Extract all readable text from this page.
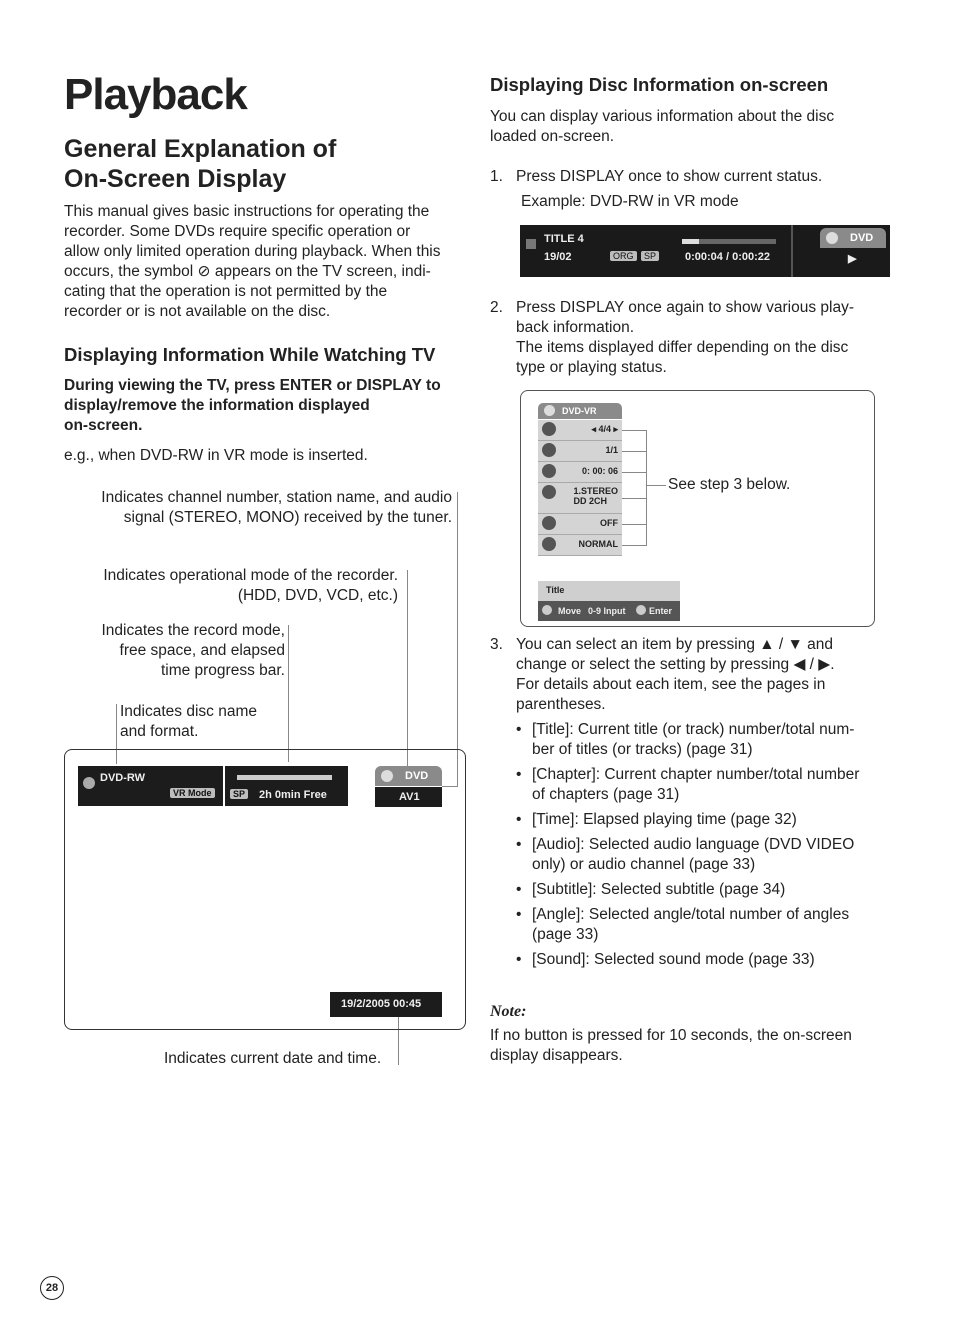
Playback
General Explanation of
On-Screen Display
This manual gives basic instructions for operating the
recorder. Some DVDs require specific operation or
allow only limited operation during playback. When this
occurs, the symbol ⊘ appears on the TV screen, indi-
cating that the operation is not permitted by the
recorder or is not available on the disc.
Displaying Information While Watching TV
During viewing the TV, press ENTER or DISPLAY to
display/remove the information displayed
on-screen.
e.g., when DVD-RW in VR mode is inserted.
Indicates channel number, station name, and audio
signal (STEREO, MONO) received by the tuner.
Indicates operational mode of the recorder.
(HDD, DVD, VCD, etc.)
Indicates the record mode,
free space, and elapsed
time progress bar.
Indicates disc name
and format.
DVD-RW
VR Mode	SP 2h 0min Free
DVD
AV1
19/2/2005 00:45
Indicates current date and time.
Displaying Disc Information on-screen
You can display various information about the disc
loaded on-screen.
1. Press DISPLAY once to show current status.
Example: DVD-RW in VR mode
TITLE 4
19/02	ORG	SP	0:00:04 / 0:00:22
DVD
▶
2. Press DISPLAY once again to show various play-
back information.
The items displayed differ depending on the disc
type or playing status.
DVD-VR
◂ 4/4 ▸
1/1
0: 00: 06
1.STEREO
DD 2CH
OFF
NORMAL
Title
Move 0-9 Input	Enter
See step 3 below.
3. You can select an item by pressing ▲ / ▼ and
change or select the setting by pressing ◀ / ▶.
For details about each item, see the pages in
parentheses.
• [Title]: Current title (or track) number/total num-
ber of titles (or tracks) (page 31)
• [Chapter]: Current chapter number/total number
of chapters (page 31)
• [Time]: Elapsed playing time (page 32)
• [Audio]: Selected audio language (DVD VIDEO
only) or audio channel (page 33)
• [Subtitle]: Selected subtitle (page 34)
• [Angle]: Selected angle/total number of angles
(page 33)
• [Sound]: Selected sound mode (page 33)
Note:
If no button is pressed for 10 seconds, the on-screen
display disappears.
28
